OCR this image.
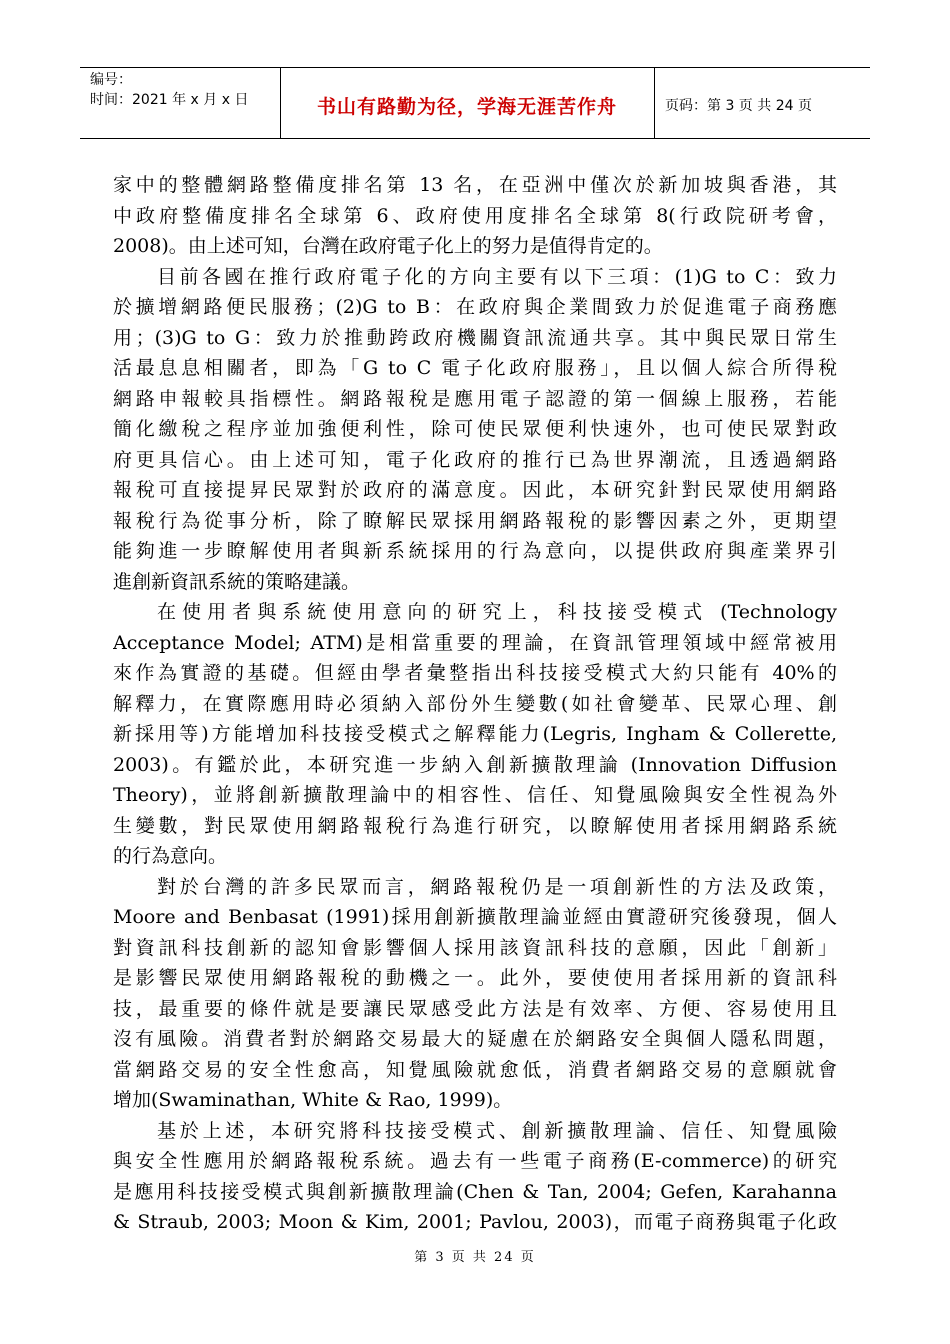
编号：
时间：2021 年 x 月 x 日	书山有路勤为径，学海无涯苦作舟	页码：第 3 页 共 24 页
家中的整體網路整備度排名第 13 名，在亞洲中僅次於新加坡與香港，其
中政府整備度排名全球第 6、政府使用度排名全球第 8(行政院研考會，
2008)。由上述可知，台灣在政府電子化上的努力是值得肯定的。
目前各國在推行政府電子化的方向主要有以下三項：(1)G to C：致力
於擴增網路便民服務；(2)G to B：在政府與企業間致力於促進電子商務應
用；(3)G to G：致力於推動跨政府機關資訊流通共享。其中與民眾日常生
活最息息相關者，即為「G to C 電子化政府服務」，且以個人綜合所得稅
網路申報較具指標性。網路報稅是應用電子認證的第一個線上服務，若能
簡化繳稅之程序並加強便利性，除可使民眾便利快速外，也可使民眾對政
府更具信心。由上述可知，電子化政府的推行已為世界潮流，且透過網路
報稅可直接提昇民眾對於政府的滿意度。因此，本研究針對民眾使用網路
報稅行為從事分析，除了瞭解民眾採用網路報稅的影響因素之外，更期望
能夠進一步瞭解使用者與新系統採用的行為意向，以提供政府與產業界引
進創新資訊系統的策略建議。
在使用者與系統使用意向的研究上，科技接受模式 (Technology
Acceptance Model; ATM)是相當重要的理論，在資訊管理領域中經常被用
來作為實證的基礎。但經由學者彙整指出科技接受模式大約只能有 40%的
解釋力，在實際應用時必須納入部份外生變數(如社會變革、民眾心理、創
新採用等)方能增加科技接受模式之解釋能力(Legris, Ingham & Collerette,
2003)。有鑑於此，本研究進一步納入創新擴散理論 (Innovation Diffusion
Theory)，並將創新擴散理論中的相容性、信任、知覺風險與安全性視為外
生變數，對民眾使用網路報稅行為進行研究，以瞭解使用者採用網路系統
的行為意向。
對於台灣的許多民眾而言，網路報稅仍是一項創新性的方法及政策，
Moore and Benbasat (1991)採用創新擴散理論並經由實證研究後發現，個人
對資訊科技創新的認知會影響個人採用該資訊科技的意願，因此「創新」
是影響民眾使用網路報稅的動機之一。此外，要使使用者採用新的資訊科
技，最重要的條件就是要讓民眾感受此方法是有效率、方便、容易使用且
沒有風險。消費者對於網路交易最大的疑慮在於網路安全與個人隱私問題，
當網路交易的安全性愈高，知覺風險就愈低，消費者網路交易的意願就會
增加(Swaminathan, White & Rao, 1999)。
基於上述，本研究將科技接受模式、創新擴散理論、信任、知覺風險
與安全性應用於網路報稅系統。過去有一些電子商務(E-commerce)的研究
是應用科技接受模式與創新擴散理論(Chen & Tan, 2004; Gefen, Karahanna
& Straub, 2003; Moon & Kim, 2001; Pavlou, 2003)，而電子商務與電子化政
第 3 页 共 24 页
